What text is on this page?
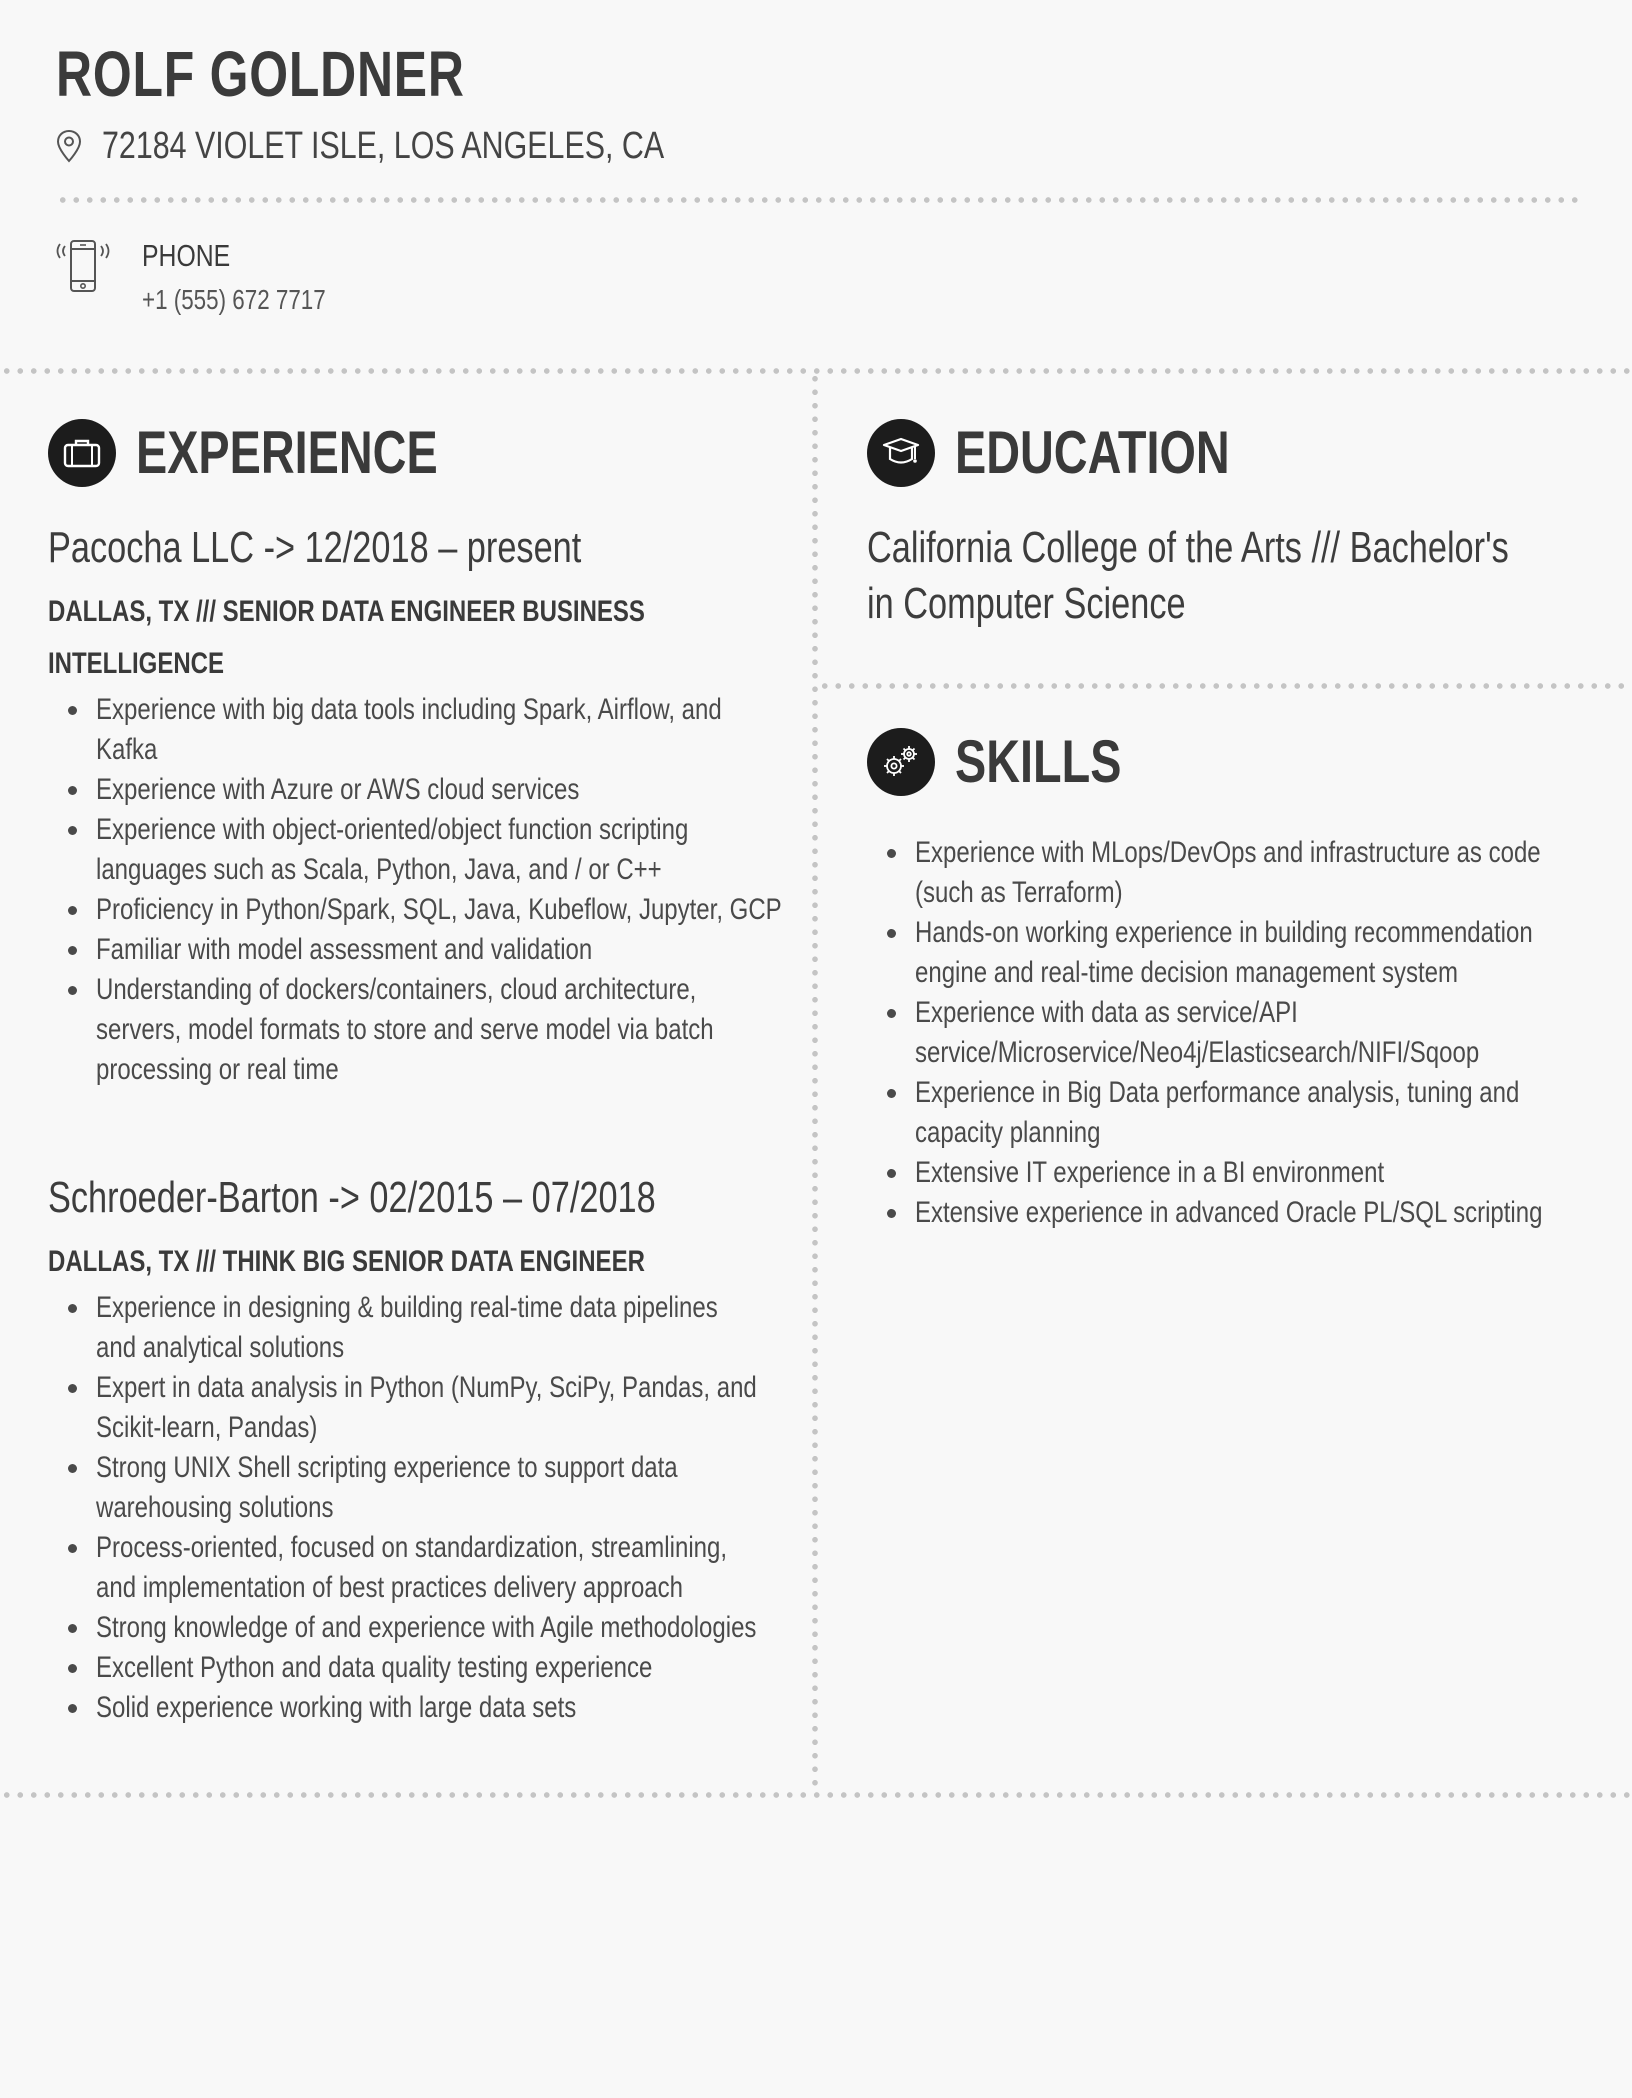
ROLF GOLDNER
72184 VIOLET ISLE, LOS ANGELES, CA
PHONE
+1 (555) 672 7717
EXPERIENCE
Pacocha LLC -> 12/2018 – present
DALLAS, TX /// SENIOR DATA ENGINEER BUSINESS
INTELLIGENCE
Experience with big data tools including Spark, Airflow, and
Kafka
Experience with Azure or AWS cloud services
Experience with object-oriented/object function scripting
languages such as Scala, Python, Java, and / or C++
Proficiency in Python/Spark, SQL, Java, Kubeflow, Jupyter, GCP
Familiar with model assessment and validation
Understanding of dockers/containers, cloud architecture,
servers, model formats to store and serve model via batch
processing or real time
Schroeder-Barton -> 02/2015 – 07/2018
DALLAS, TX /// THINK BIG SENIOR DATA ENGINEER
Experience in designing & building real-time data pipelines
and analytical solutions
Expert in data analysis in Python (NumPy, SciPy, Pandas, and
Scikit-learn, Pandas)
Strong UNIX Shell scripting experience to support data
warehousing solutions
Process-oriented, focused on standardization, streamlining,
and implementation of best practices delivery approach
Strong knowledge of and experience with Agile methodologies
Excellent Python and data quality testing experience
Solid experience working with large data sets
EDUCATION
California College of the Arts /// Bachelor's
in Computer Science
SKILLS
Experience with MLops/DevOps and infrastructure as code
(such as Terraform)
Hands-on working experience in building recommendation
engine and real-time decision management system
Experience with data as service/API
service/Microservice/Neo4j/Elasticsearch/NIFI/Sqoop
Experience in Big Data performance analysis, tuning and
capacity planning
Extensive IT experience in a BI environment
Extensive experience in advanced Oracle PL/SQL scripting
